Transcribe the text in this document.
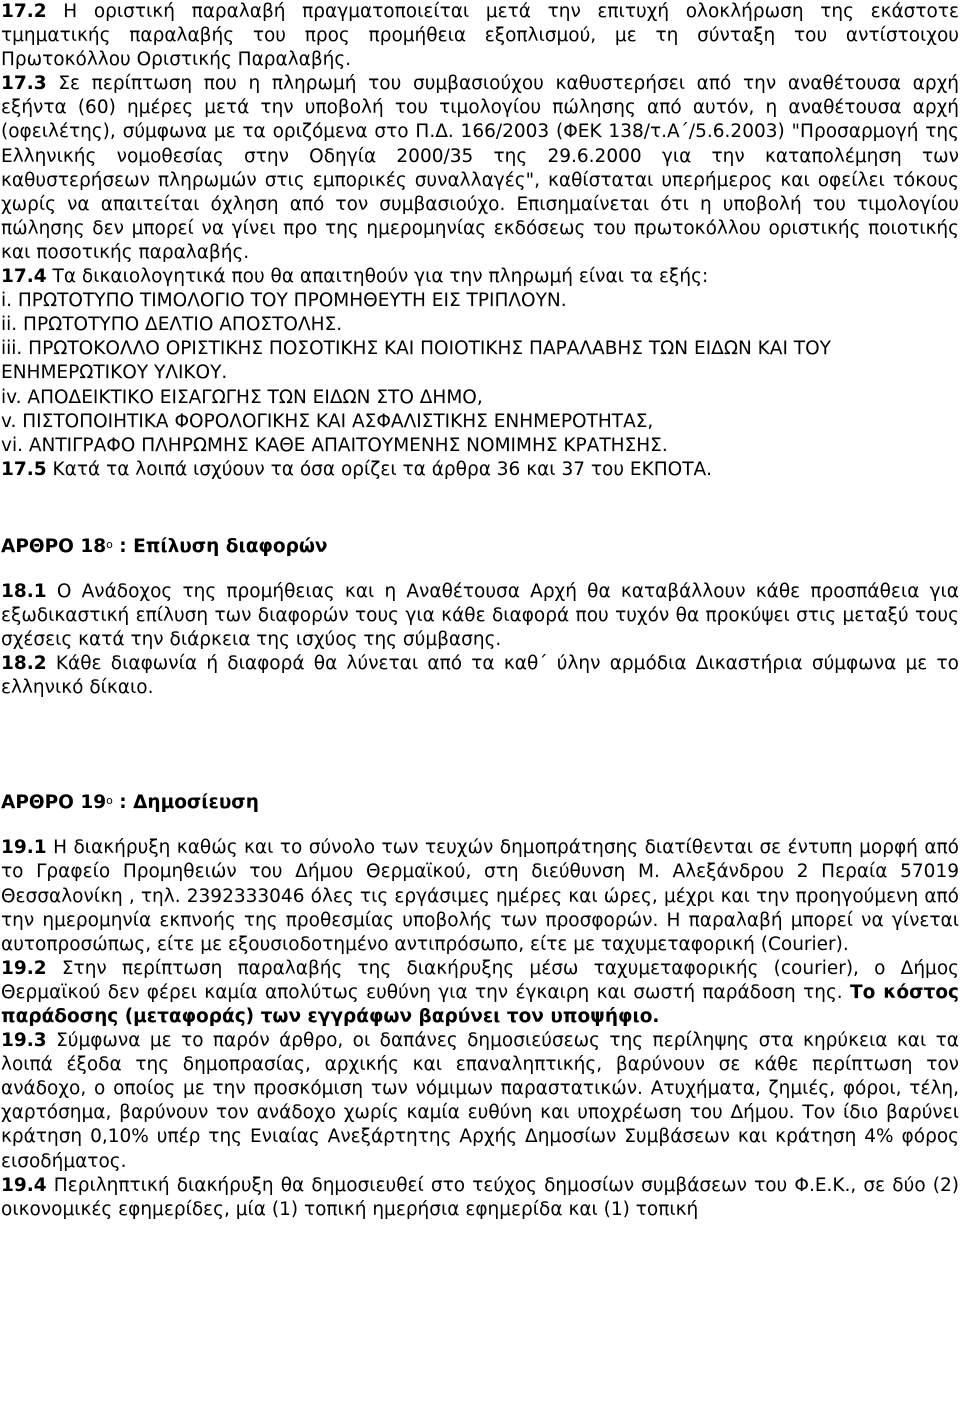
17.2 Η οριστική παραλαβή πραγματοποιείται μετά την επιτυχή ολοκλήρωση της εκάστοτε τμηματικής παραλαβής του προς προμήθεια εξοπλισμού, με τη σύνταξη του αντίστοιχου Πρωτοκόλλου Οριστικής Παραλαβής.

17.3 Σε περίπτωση που η πληρωμή του συμβασιούχου καθυστερήσει από την αναθέτουσα αρχή εξήντα (60) ημέρες μετά την υποβολή του τιμολογίου πώλησης από αυτόν, η αναθέτουσα αρχή (οφειλέτης), σύμφωνα με τα οριζόμενα στο Π.Δ. 166/2003 (ΦΕΚ 138/τ.Α΄/5.6.2003) "Προσαρμογή της Ελληνικής νομοθεσίας στην Οδηγία 2000/35 της 29.6.2000 για την καταπολέμηση των καθυστερήσεων πληρωμών στις εμπορικές συναλλαγές", καθίσταται υπερήμερος και οφείλει τόκους χωρίς να απαιτείται όχληση από τον συμβασιούχο. Επισημαίνεται ότι η υποβολή του τιμολογίου πώλησης δεν μπορεί να γίνει προ της ημερομηνίας εκδόσεως του πρωτοκόλλου οριστικής ποιοτικής και ποσοτικής παραλαβής.

17.4 Τα δικαιολογητικά που θα απαιτηθούν για την πληρωμή είναι τα εξής:

i. ΠΡΩΤΟΤΥΠΟ ΤΙΜΟΛΟΓΙΟ ΤΟΥ ΠΡΟΜΗΘΕΥΤΗ ΕΙΣ ΤΡΙΠΛΟΥΝ.

ii. ΠΡΩΤΟΤΥΠΟ ΔΕΛΤΙΟ ΑΠΟΣΤΟΛΗΣ.

iii. ΠΡΩΤΟΚΟΛΛΟ ΟΡΙΣΤΙΚΗΣ ΠΟΣΟΤΙΚΗΣ ΚΑΙ ΠΟΙΟΤΙΚΗΣ ΠΑΡΑΛΑΒΗΣ ΤΩΝ ΕΙΔΩΝ ΚΑΙ ΤΟΥ ΕΝΗΜΕΡΩΤΙΚΟΥ ΥΛΙΚΟΥ.

iv. ΑΠΟΔΕΙΚΤΙΚΟ ΕΙΣΑΓΩΓΗΣ ΤΩΝ ΕΙΔΩΝ ΣΤΟ ΔΗΜΟ,

v. ΠΙΣΤΟΠΟΙΗΤΙΚΑ ΦΟΡΟΛΟΓΙΚΗΣ ΚΑΙ ΑΣΦΑΛΙΣΤΙΚΗΣ ΕΝΗΜΕΡΟΤΗΤΑΣ,

vi. ΑΝΤΙΓΡΑΦΟ ΠΛΗΡΩΜΗΣ ΚΑΘΕ ΑΠΑΙΤΟΥΜΕΝΗΣ ΝΟΜΙΜΗΣ ΚΡΑΤΗΣΗΣ.

17.5 Κατά τα λοιπά ισχύουν τα όσα ορίζει τα άρθρα 36 και 37 του ΕΚΠΟΤΑ.

ΑΡΘΡΟ $18^o$ : Επίλυση διαφορών

18.1 Ο Ανάδοχος της προμήθειας και η Αναθέτουσα Αρχή θα καταβάλλουν κάθε προσπάθεια για εξωδικαστική επίλυση των διαφορών τους για κάθε διαφορά που τυχόν θα προκύψει στις μεταξύ τους σχέσεις κατά την διάρκεια της ισχύος της σύμβασης.

18.2 Κάθε διαφωνία ή διαφορά θα λύνεται από τα καθ΄ ύλην αρμόδια Δικαστήρια σύμφωνα με το ελληνικό δίκαιο.

ΑΡΘΡΟ $19^o$ : Δημοσίευση

19.1 Η διακήρυξη καθώς και το σύνολο των τευχών δημοπράτησης διατίθενται σε έντυπη μορφή από το Γραφείο Προμηθειών του Δήμου Θερμαϊκού, στη διεύθυνση Μ. Αλεξάνδρου 2 Περαία 57019 Θεσσαλονίκη , τηλ. 2392333046 όλες τις εργάσιμες ημέρες και ώρες, μέχρι και την προηγούμενη από την ημερομηνία εκπνοής της προθεσμίας υποβολής των προσφορών. Η παραλαβή μπορεί να γίνεται αυτοπροσώπως, είτε με εξουσιοδοτημένο αντιπρόσωπο, είτε με ταχυμεταφορική (Courier).

19.2 Στην περίπτωση παραλαβής της διακήρυξης μέσω ταχυμεταφορικής (courier), ο Δήμος Θερμαϊκού δεν φέρει καμία απολύτως ευθύνη για την έγκαιρη και σωστή παράδοση της. Το κόστος παράδοσης (μεταφοράς) των εγγράφων βαρύνει τον υποψήφιο.

19.3 Σύμφωνα με το παρόν άρθρο, οι δαπάνες δημοσιεύσεως της περίληψης στα κηρύκεια και τα λοιπά έξοδα της δημοπρασίας, αρχικής και επαναληπτικής, βαρύνουν σε κάθε περίπτωση τον ανάδοχο, ο οποίος με την προσκόμιση των νόμιμων παραστατικών. Ατυχήματα, ζημιές, φόροι, τέλη, χαρτόσημα, βαρύνουν τον ανάδοχο χωρίς καμία ευθύνη και υποχρέωση του Δήμου. Τον ίδιο βαρύνει κράτηση 0,10% υπέρ της Ενιαίας Ανεξάρτητης Αρχής Δημοσίων Συμβάσεων και κράτηση 4% φόρος εισοδήματος.

19.4 Περιληπτική διακήρυξη θα δημοσιευθεί στο τεύχος δημοσίων συμβάσεων του Φ.Ε.Κ., σε δύο (2) οικονομικές εφημερίδες, μία (1) τοπική ημερήσια εφημερίδα και (1) τοπική
